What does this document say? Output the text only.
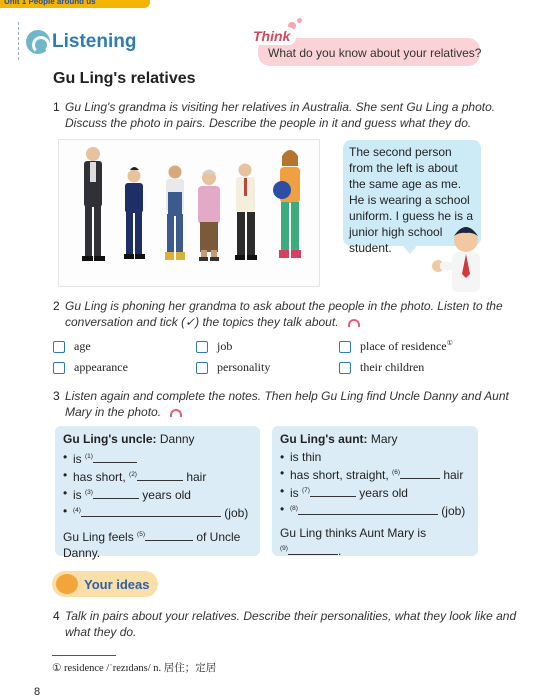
Unit 1 People around us
Listening	Think
What do you know about your relatives?
Gu Ling's relatives
1 Gu Ling's grandma is visiting her relatives in Australia. She sent Gu Ling a photo.
Discuss the photo in pairs. Describe the people in it and guess what they do.
The second person from the left is about the same age as me. He is wearing a school uniform. I guess he is a junior high school student.
2 Gu Ling is phoning her grandma to ask about the people in the photo. Listen to the
conversation and tick (✓) the topics they talk about.
age	job	place of residence①
appearance	personality	their children
3 Listen again and complete the notes. Then help Gu Ling find Uncle Danny and Aunt
Mary in the photo.
Gu Ling's uncle: Danny
• is $^{(1)}$
• has short, $^{(2)}$	hair
• is $^{(3)}$	years old
• $^{(4)}$	(job)
Gu Ling feels $^{(5)}$	of Uncle
Danny.
Gu Ling's aunt: Mary
• is thin
• has short, straight, $^{(6)}$	hair
• is $^{(7)}$	years old
• $^{(8)}$	(job)
Gu Ling thinks Aunt Mary is
$^{(9)}$	.
Your ideas
4 Talk in pairs about your relatives. Describe their personalities, what they look like and
what they do.
① residence /ˈrezɪdəns/ n. 居住；定居
8
